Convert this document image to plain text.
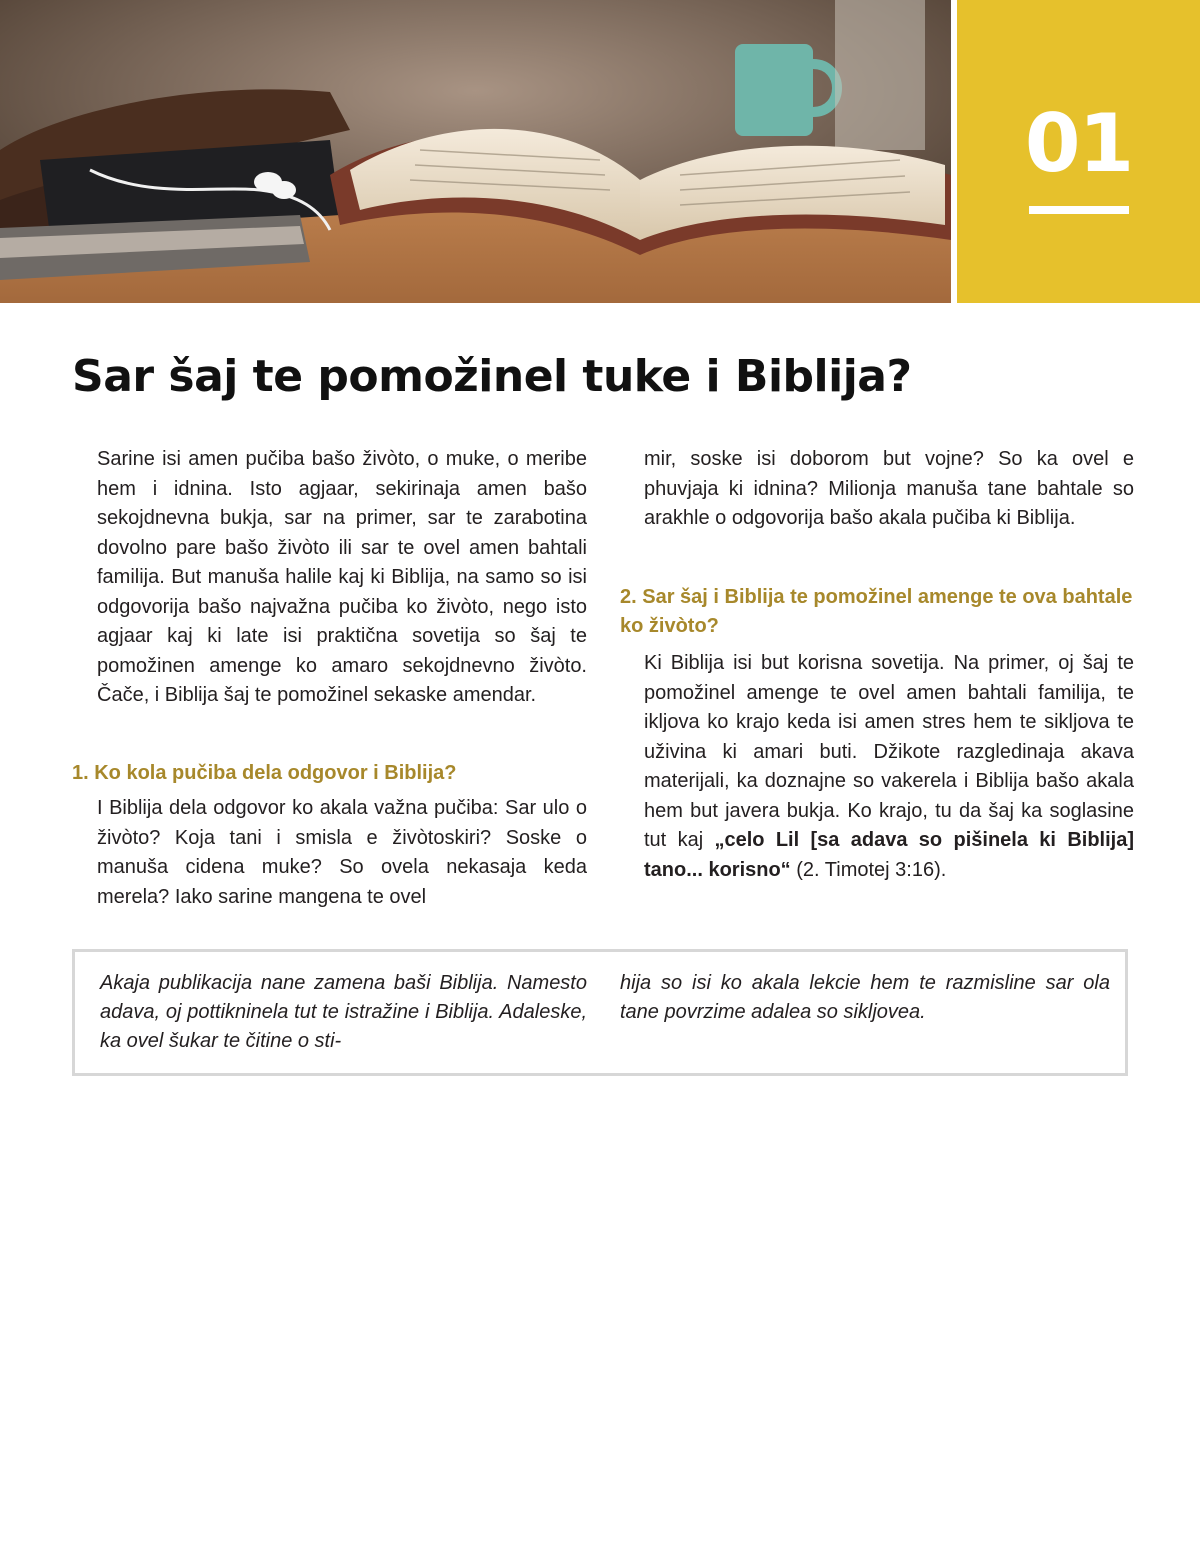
01
Sar šaj te pomožinel tuke i Biblija?

Sarine isi amen pučiba bašo živòto, o muke, o meribe hem i idnina. Isto agjaar, sekirinaja amen bašo sekojdnevna bukja, sar na primer, sar te zarabotina dovolno pare bašo živòto ili sar te ovel amen bahtali familija. But manuša halile kaj ki Biblija, na samo so isi odgovorija bašo najvažna pučiba ko živòto, nego isto agjaar kaj ki late isi praktična sovetija so šaj te pomožinen amenge ko amaro sekojdnevno živòto. Čače, i Biblija šaj te pomožinel sekaske amendar.

1. Ko kola pučiba dela odgovor i Biblija?

I Biblija dela odgovor ko akala važna pučiba: Sar ulo o živòto? Koja tani i smisla e živòtoskiri? Soske o manuša cidena muke? So ovela nekasaja keda merela? Iako sarine mangena te ovel

mir, soske isi doborom but vojne? So ka ovel e phuvjaja ki idnina? Milionja manuša tane bahtale so arakhle o odgovorija bašo akala pučiba ki Biblija.

2. Sar šaj i Biblija te pomožinel amenge te ova bahtale ko živòto?

Ki Biblija isi but korisna sovetija. Na primer, oj šaj te pomožinel amenge te ovel amen bahtali familija, te ikljova ko krajo keda isi amen stres hem te sikljova te uživina ki amari buti. Džikote razgledinaja akava materijali, ka doznajne so vakerela i Biblija bašo akala hem but javera bukja. Ko krajo, tu da šaj ka soglasine tut kaj „celo Lil [sa adava so pišinela ki Biblija] tano... korisno“ (2. Timotej 3:16).

Akaja publikacija nane zamena baši Biblija. Namesto adava, oj pottikninela tut te istražine i Biblija. Adaleske, ka ovel šukar te čitine o sti-

hija so isi ko akala lekcie hem te razmisline sar ola tane povrzime adalea so sikljovea.
